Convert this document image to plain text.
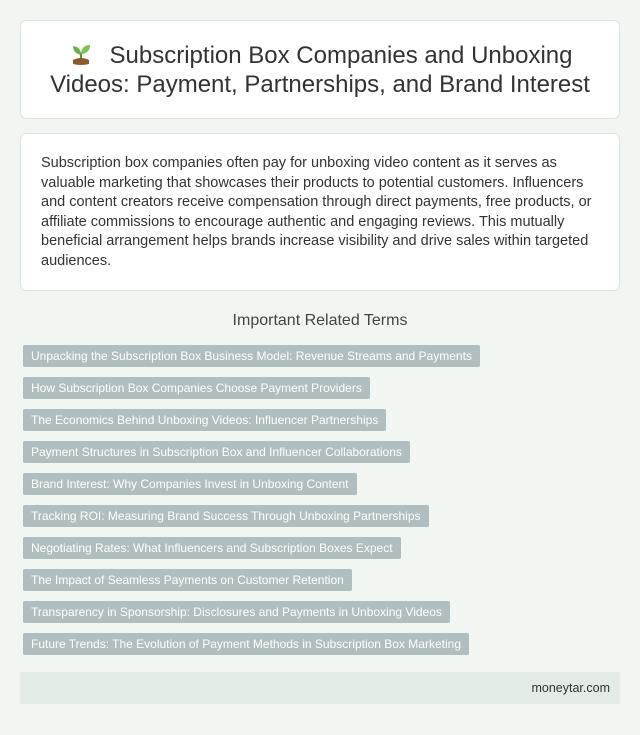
Subscription Box Companies and Unboxing Videos: Payment, Partnerships, and Brand Interest

Subscription box companies often pay for unboxing video content as it serves as valuable marketing that showcases their products to potential customers. Influencers and content creators receive compensation through direct payments, free products, or affiliate commissions to encourage authentic and engaging reviews. This mutually beneficial arrangement helps brands increase visibility and drive sales within targeted audiences.

Important Related Terms
Unpacking the Subscription Box Business Model: Revenue Streams and Payments
How Subscription Box Companies Choose Payment Providers
The Economics Behind Unboxing Videos: Influencer Partnerships
Payment Structures in Subscription Box and Influencer Collaborations
Brand Interest: Why Companies Invest in Unboxing Content
Tracking ROI: Measuring Brand Success Through Unboxing Partnerships
Negotiating Rates: What Influencers and Subscription Boxes Expect
The Impact of Seamless Payments on Customer Retention
Transparency in Sponsorship: Disclosures and Payments in Unboxing Videos
Future Trends: The Evolution of Payment Methods in Subscription Box Marketing
moneytar.com
